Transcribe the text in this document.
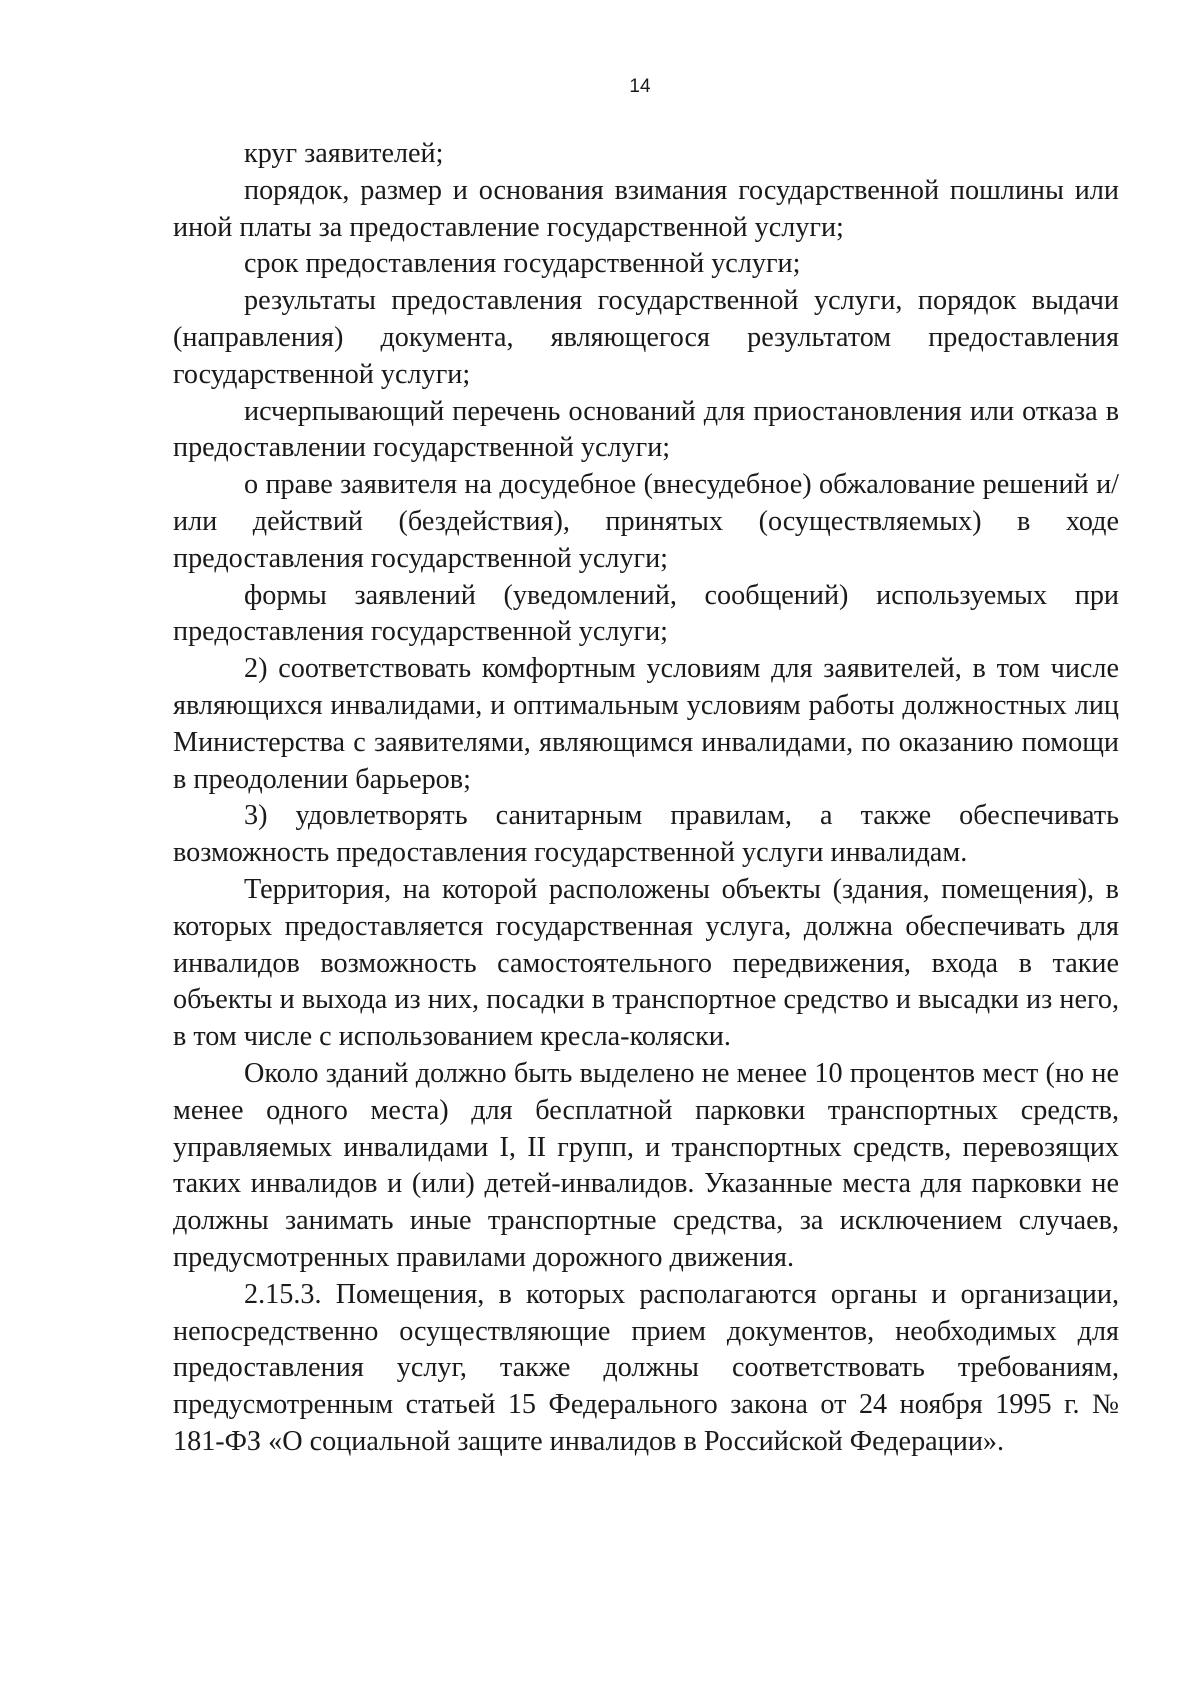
14

круг заявителей;

порядок, размер и основания взимания государственной пошлины или иной платы за предоставление государственной услуги;

срок предоставления государственной услуги;

результаты предоставления государственной услуги, порядок выдачи (направления) документа, являющегося результатом предоставления государственной услуги;

исчерпывающий перечень оснований для приостановления или отказа в предоставлении государственной услуги;

о праве заявителя на досудебное (внесудебное) обжалование решений и/или действий (бездействия), принятых (осуществляемых) в ходе предоставления государственной услуги;

формы заявлений (уведомлений, сообщений) используемых при предоставления государственной услуги;

2) соответствовать комфортным условиям для заявителей, в том числе являющихся инвалидами, и оптимальным условиям работы должностных лиц Министерства с заявителями, являющимся инвалидами, по оказанию помощи в преодолении барьеров;

3) удовлетворять санитарным правилам, а также обеспечивать возможность предоставления государственной услуги инвалидам.

Территория, на которой расположены объекты (здания, помещения), в которых предоставляется государственная услуга, должна обеспечивать для инвалидов возможность самостоятельного передвижения, входа в такие объекты и выхода из них, посадки в транспортное средство и высадки из него, в том числе с использованием кресла-коляски.

Около зданий должно быть выделено не менее 10 процентов мест (но не менее одного места) для бесплатной парковки транспортных средств, управляемых инвалидами I, II групп, и транспортных средств, перевозящих таких инвалидов и (или) детей-инвалидов. Указанные места для парковки не должны занимать иные транспортные средства, за исключением случаев, предусмотренных правилами дорожного движения.

2.15.3. Помещения, в которых располагаются органы и организации, непосредственно осуществляющие прием документов, необходимых для предоставления услуг, также должны соответствовать требованиям, предусмотренным статьей 15 Федерального закона от 24 ноября 1995 г. № 181-ФЗ «О социальной защите инвалидов в Российской Федерации».
